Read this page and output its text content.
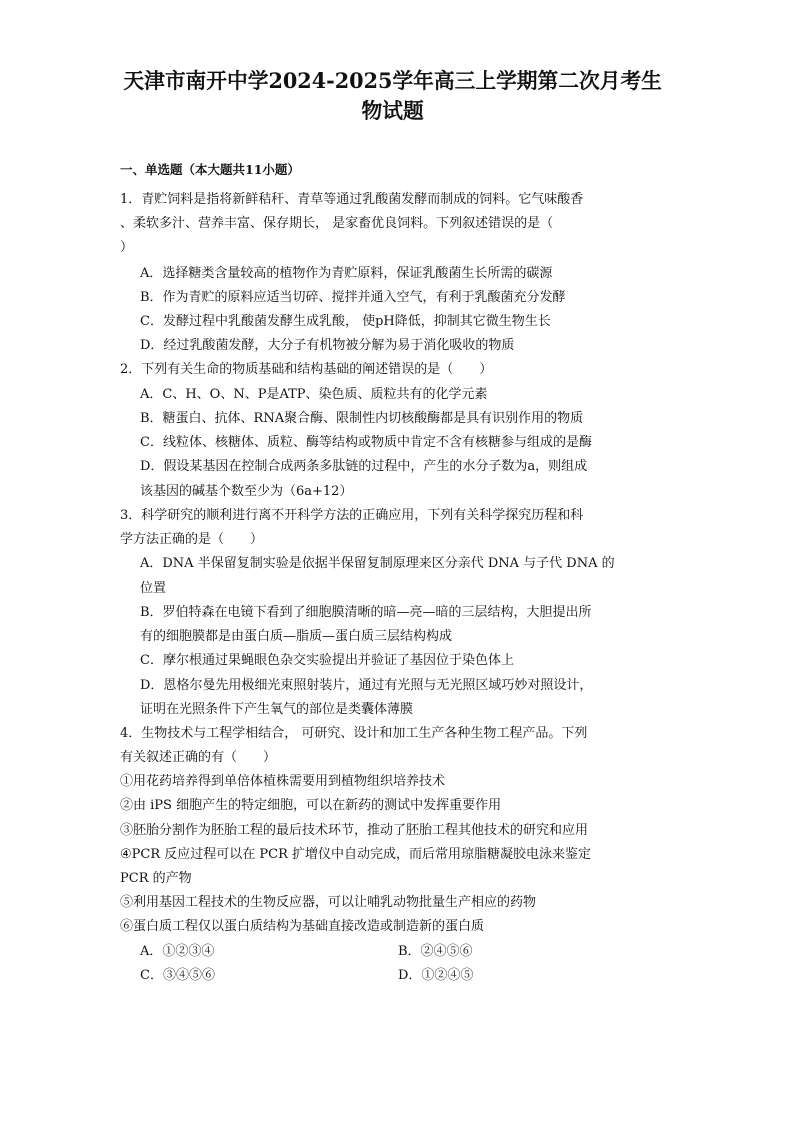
天津市南开中学2024-2025学年高三上学期第二次月考生
物试题
一、单选题（本大题共11小题）
1．青贮饲料是指将新鲜秸秆、青草等通过乳酸菌发酵而制成的饲料。它气味酸香
、柔软多汁、营养丰富、保存期长， 是家畜优良饲料。下列叙述错误的是（
）
A．选择糖类含量较高的植物作为青贮原料，保证乳酸菌生长所需的碳源
B．作为青贮的原料应适当切碎、搅拌并通入空气，有利于乳酸菌充分发酵
C．发酵过程中乳酸菌发酵生成乳酸， 使pH降低，抑制其它微生物生长
D．经过乳酸菌发酵，大分子有机物被分解为易于消化吸收的物质
2．下列有关生命的物质基础和结构基础的阐述错误的是（　　）
A．C、H、O、N、P是ATP、染色质、质粒共有的化学元素
B．糖蛋白、抗体、RNA聚合酶、限制性内切核酸酶都是具有识别作用的物质
C．线粒体、核糖体、质粒、酶等结构或物质中肯定不含有核糖参与组成的是酶
D．假设某基因在控制合成两条多肽链的过程中，产生的水分子数为a，则组成
该基因的碱基个数至少为（6a+12）
3．科学研究的顺利进行离不开科学方法的正确应用，下列有关科学探究历程和科
学方法正确的是（　　）
A．DNA 半保留复制实验是依据半保留复制原理来区分亲代 DNA 与子代 DNA 的
位置
B．罗伯特森在电镜下看到了细胞膜清晰的暗—亮—暗的三层结构，大胆提出所
有的细胞膜都是由蛋白质—脂质—蛋白质三层结构构成
C．摩尔根通过果蝇眼色杂交实验提出并验证了基因位于染色体上
D．恩格尔曼先用极细光束照射装片，通过有光照与无光照区域巧妙对照设计，
证明在光照条件下产生氧气的部位是类囊体薄膜
4．生物技术与工程学相结合， 可研究、设计和加工生产各种生物工程产品。下列
有关叙述正确的有（　　）
①用花药培养得到单倍体植株需要用到植物组织培养技术
②由 iPS 细胞产生的特定细胞，可以在新药的测试中发挥重要作用
③胚胎分割作为胚胎工程的最后技术环节，推动了胚胎工程其他技术的研究和应用
④PCR 反应过程可以在 PCR 扩增仪中自动完成，而后常用琼脂糖凝胶电泳来鉴定
PCR 的产物
⑤利用基因工程技术的生物反应器，可以让哺乳动物批量生产相应的药物
⑥蛋白质工程仅以蛋白质结构为基础直接改造或制造新的蛋白质
A．①②③④	B．②④⑤⑥
C．③④⑤⑥	D．①②④⑤
